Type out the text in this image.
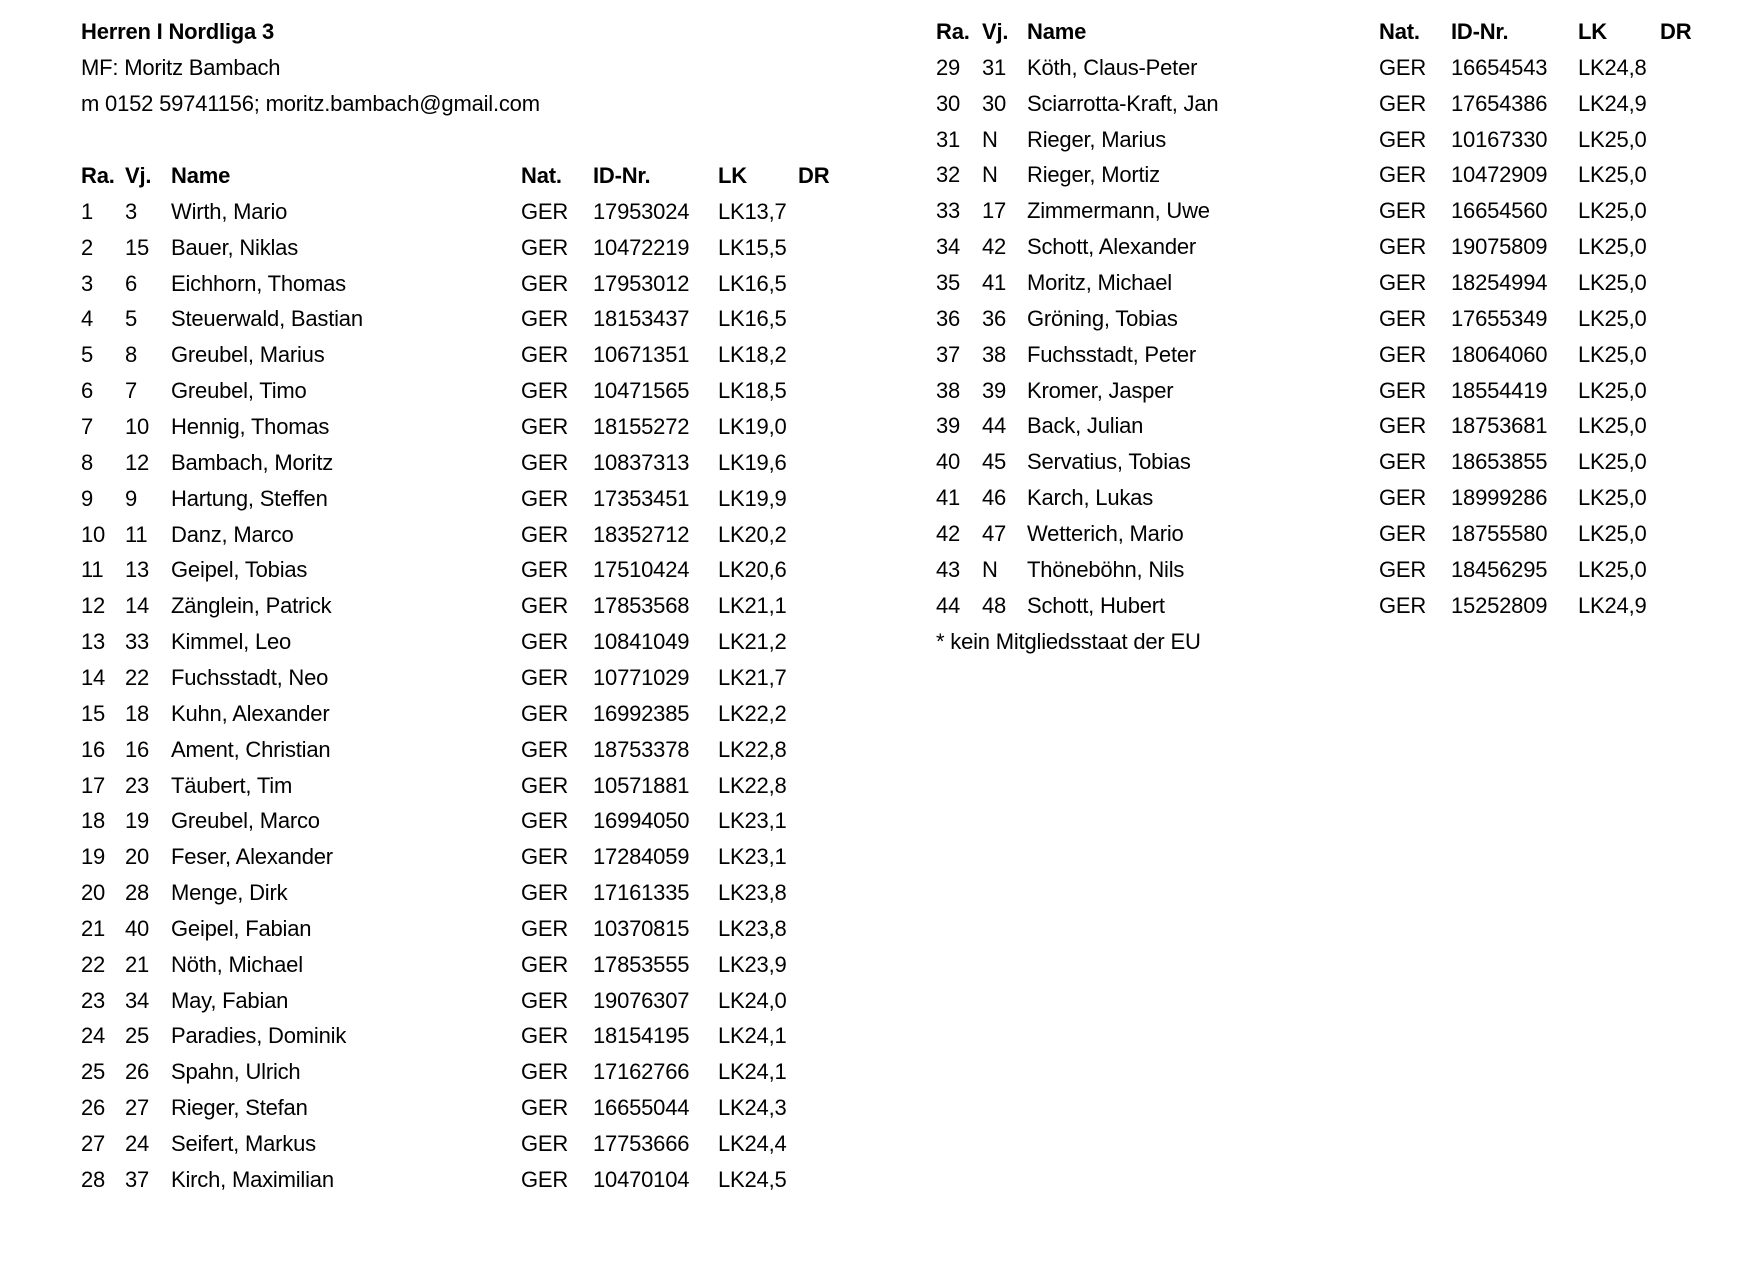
Herren I Nordliga 3
MF: Moritz Bambach
m 0152 59741156; moritz.bambach@gmail.com
Ra. Vj. Name	Nat. ID-Nr.	LK DR
Ra. Vj. Name	Nat. ID-Nr.	LK DR
1 3 Wirth, Mario	GER 17953024 LK13,7
2 15 Bauer, Niklas	GER 10472219 LK15,5
3 6 Eichhorn, Thomas	GER 17953012 LK16,5
4 5 Steuerwald, Bastian	GER 18153437 LK16,5
5 8 Greubel, Marius	GER 10671351 LK18,2
6 7 Greubel, Timo	GER 10471565 LK18,5
7 10 Hennig, Thomas	GER 18155272 LK19,0
8 12 Bambach, Moritz	GER 10837313 LK19,6
9 9 Hartung, Steffen	GER 17353451 LK19,9
10 11 Danz, Marco	GER 18352712 LK20,2
11 13 Geipel, Tobias	GER 17510424 LK20,6
12 14 Zänglein, Patrick	GER 17853568 LK21,1
13 33 Kimmel, Leo	GER 10841049 LK21,2
14 22 Fuchsstadt, Neo	GER 10771029 LK21,7
15 18 Kuhn, Alexander	GER 16992385 LK22,2
16 16 Ament, Christian	GER 18753378 LK22,8
17 23 Täubert, Tim	GER 10571881 LK22,8
18 19 Greubel, Marco	GER 16994050 LK23,1
19 20 Feser, Alexander	GER 17284059 LK23,1
20 28 Menge, Dirk	GER 17161335 LK23,8
21 40 Geipel, Fabian	GER 10370815 LK23,8
22 21 Nöth, Michael	GER 17853555 LK23,9
23 34 May, Fabian	GER 19076307 LK24,0
24 25 Paradies, Dominik	GER 18154195 LK24,1
25 26 Spahn, Ulrich	GER 17162766 LK24,1
26 27 Rieger, Stefan	GER 16655044 LK24,3
27 24 Seifert, Markus	GER 17753666 LK24,4
28 37 Kirch, Maximilian	GER 10470104 LK24,5
29 31 Köth, Claus-Peter	GER 16654543 LK24,8
30 30 Sciarrotta-Kraft, Jan	GER 17654386 LK24,9
31 N Rieger, Marius	GER 10167330 LK25,0
32 N Rieger, Mortiz	GER 10472909 LK25,0
33 17 Zimmermann, Uwe	GER 16654560 LK25,0
34 42 Schott, Alexander	GER 19075809 LK25,0
35 41 Moritz, Michael	GER 18254994 LK25,0
36 36 Gröning, Tobias	GER 17655349 LK25,0
37 38 Fuchsstadt, Peter	GER 18064060 LK25,0
38 39 Kromer, Jasper	GER 18554419 LK25,0
39 44 Back, Julian	GER 18753681 LK25,0
40 45 Servatius, Tobias	GER 18653855 LK25,0
41 46 Karch, Lukas	GER 18999286 LK25,0
42 47 Wetterich, Mario	GER 18755580 LK25,0
43 N Thöneböhn, Nils	GER 18456295 LK25,0
44 48 Schott, Hubert	GER 15252809 LK24,9
* kein Mitgliedsstaat der EU
